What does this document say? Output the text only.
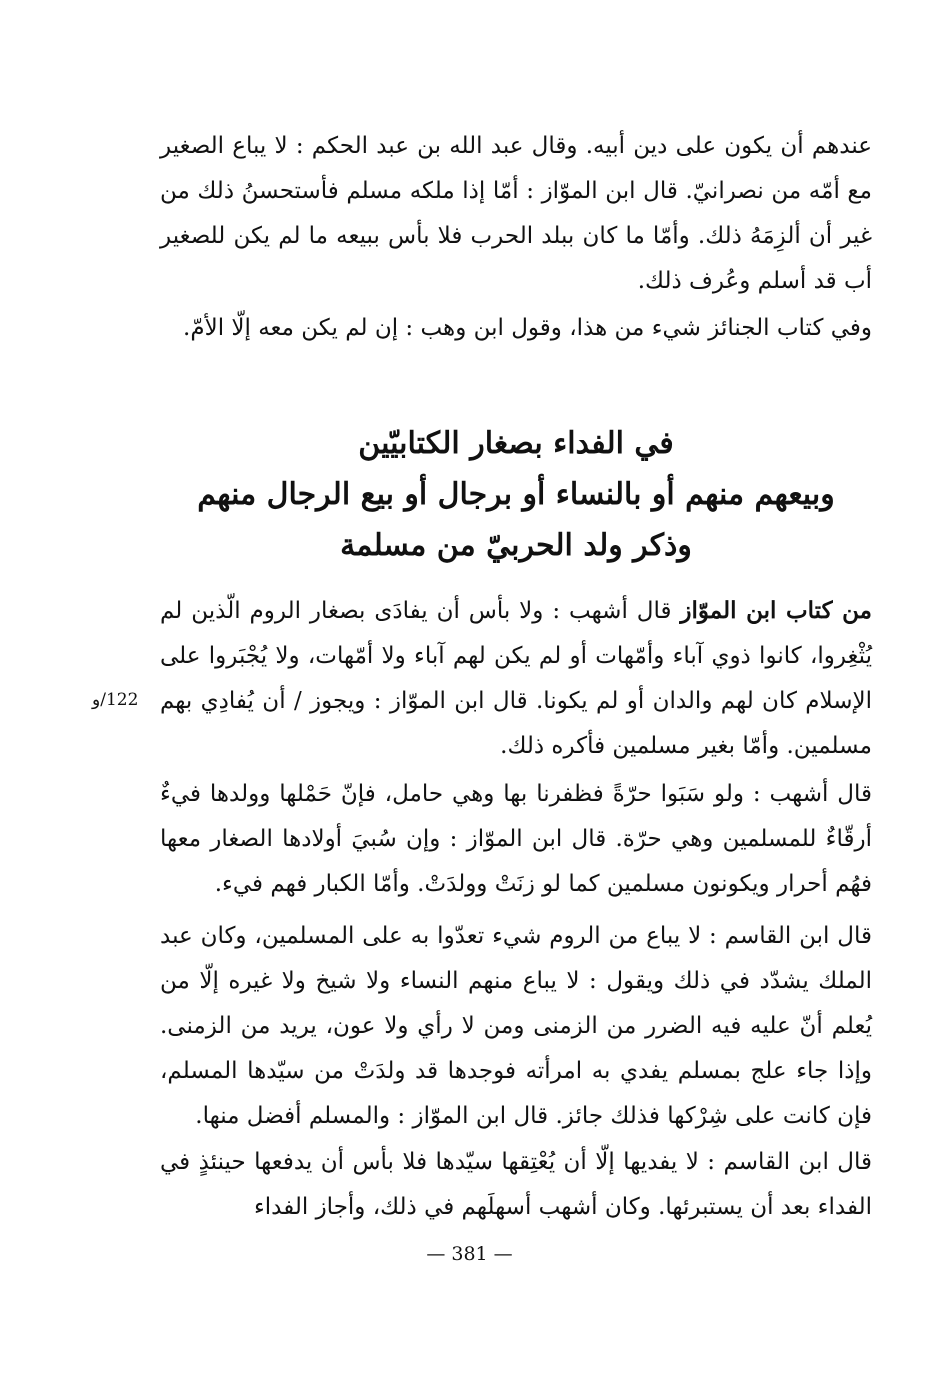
عندهم أن يكون على دين أبيه. وقال عبد الله بن عبد الحكم : لا يباع الصغير مع أمّه من نصرانيّ. قال ابن الموّاز : أمّا إذا ملكه مسلم فأستحسنُ ذلك من غير أن ألزِمَهُ ذلك. وأمّا ما كان ببلد الحرب فلا بأس ببيعه ما لم يكن للصغير أب قد أسلم وعُرف ذلك.

وفي كتاب الجنائز شيء من هذا، وقول ابن وهب : إن لم يكن معه إلّا الأمّ.

في الفداء بصغار الكتابيّين
وبيعهم منهم أو بالنساء أو برجال أو بيع الرجال منهم
وذكر ولد الحربيّ من مسلمة

من كتاب ابن الموّاز قال أشهب : ولا بأس أن يفادَى بصغار الروم الّذين لم يُثْغِروا، كانوا ذوي آباء وأمّهات أو لم يكن لهم آباء ولا أمّهات، ولا يُجْبَروا على الإسلام كان لهم والدان أو لم يكونا. قال ابن الموّاز : ويجوز / أن يُفادِي بهم مسلمين. وأمّا بغير مسلمين فأكره ذلك.

122/و

قال أشهب : ولو سَبَوا حرّةً فظفرنا بها وهي حامل، فإنّ حَمْلها وولدها فيءٌ أرقّاءٌ للمسلمين وهي حرّة. قال ابن الموّاز : وإن سُبيَ أولادها الصغار معها فهُم أحرار ويكونون مسلمين كما لو زنَتْ وولدَتْ. وأمّا الكبار فهم فيء.

قال ابن القاسم : لا يباع من الروم شيء تعدّوا به على المسلمين، وكان عبد الملك يشدّد في ذلك ويقول : لا يباع منهم النساء ولا شيخ ولا غيره إلّا من يُعلم أنّ عليه فيه الضرر من الزمنى ومن لا رأي ولا عون، يريد من الزمنى. وإذا جاء علج بمسلم يفدي به امرأته فوجدها قد ولدَتْ من سيّدها المسلم، فإن كانت على شِرْكها فذلك جائز. قال ابن الموّاز : والمسلم أفضل منها.

قال ابن القاسم : لا يفديها إلّا أن يُعْتِقها سيّدها فلا بأس أن يدفعها حينئذٍ في الفداء بعد أن يستبرئها. وكان أشهب أسهلَهم في ذلك، وأجاز الفداء

— 381 —
